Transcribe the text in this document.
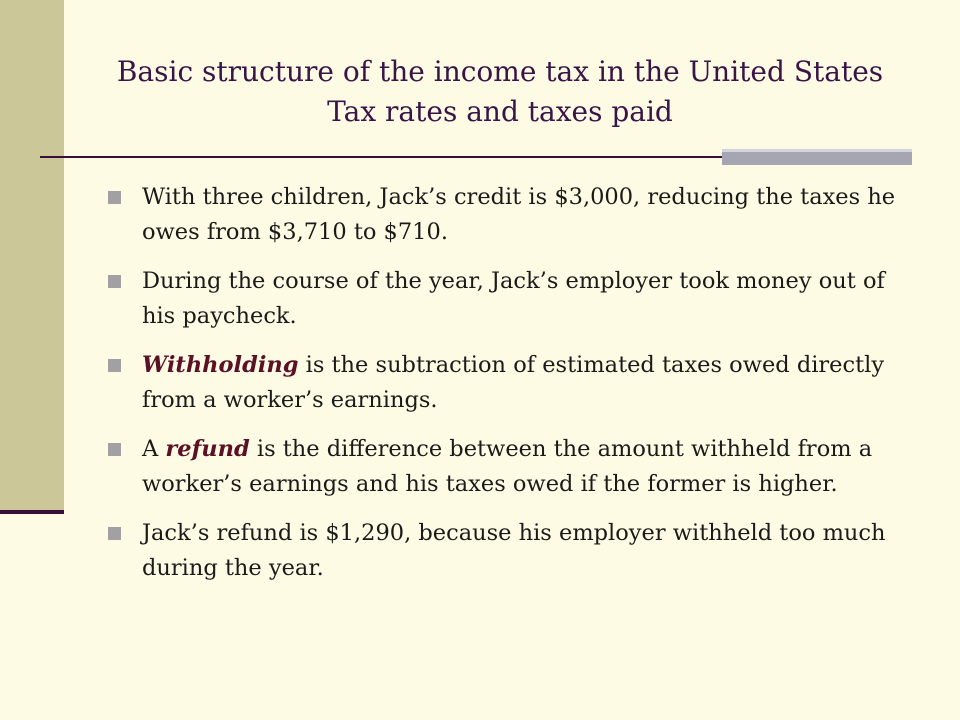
Basic structure of the income tax in the United States
Tax rates and taxes paid
With three children, Jack’s credit is $3,000, reducing the taxes he owes from $3,710 to $710.
During the course of the year, Jack’s employer took money out of his paycheck.
Withholding is the subtraction of estimated taxes owed directly from a worker’s earnings.
A refund is the difference between the amount withheld from a worker’s earnings and his taxes owed if the former is higher.
Jack’s refund is $1,290, because his employer withheld too much during the year.
